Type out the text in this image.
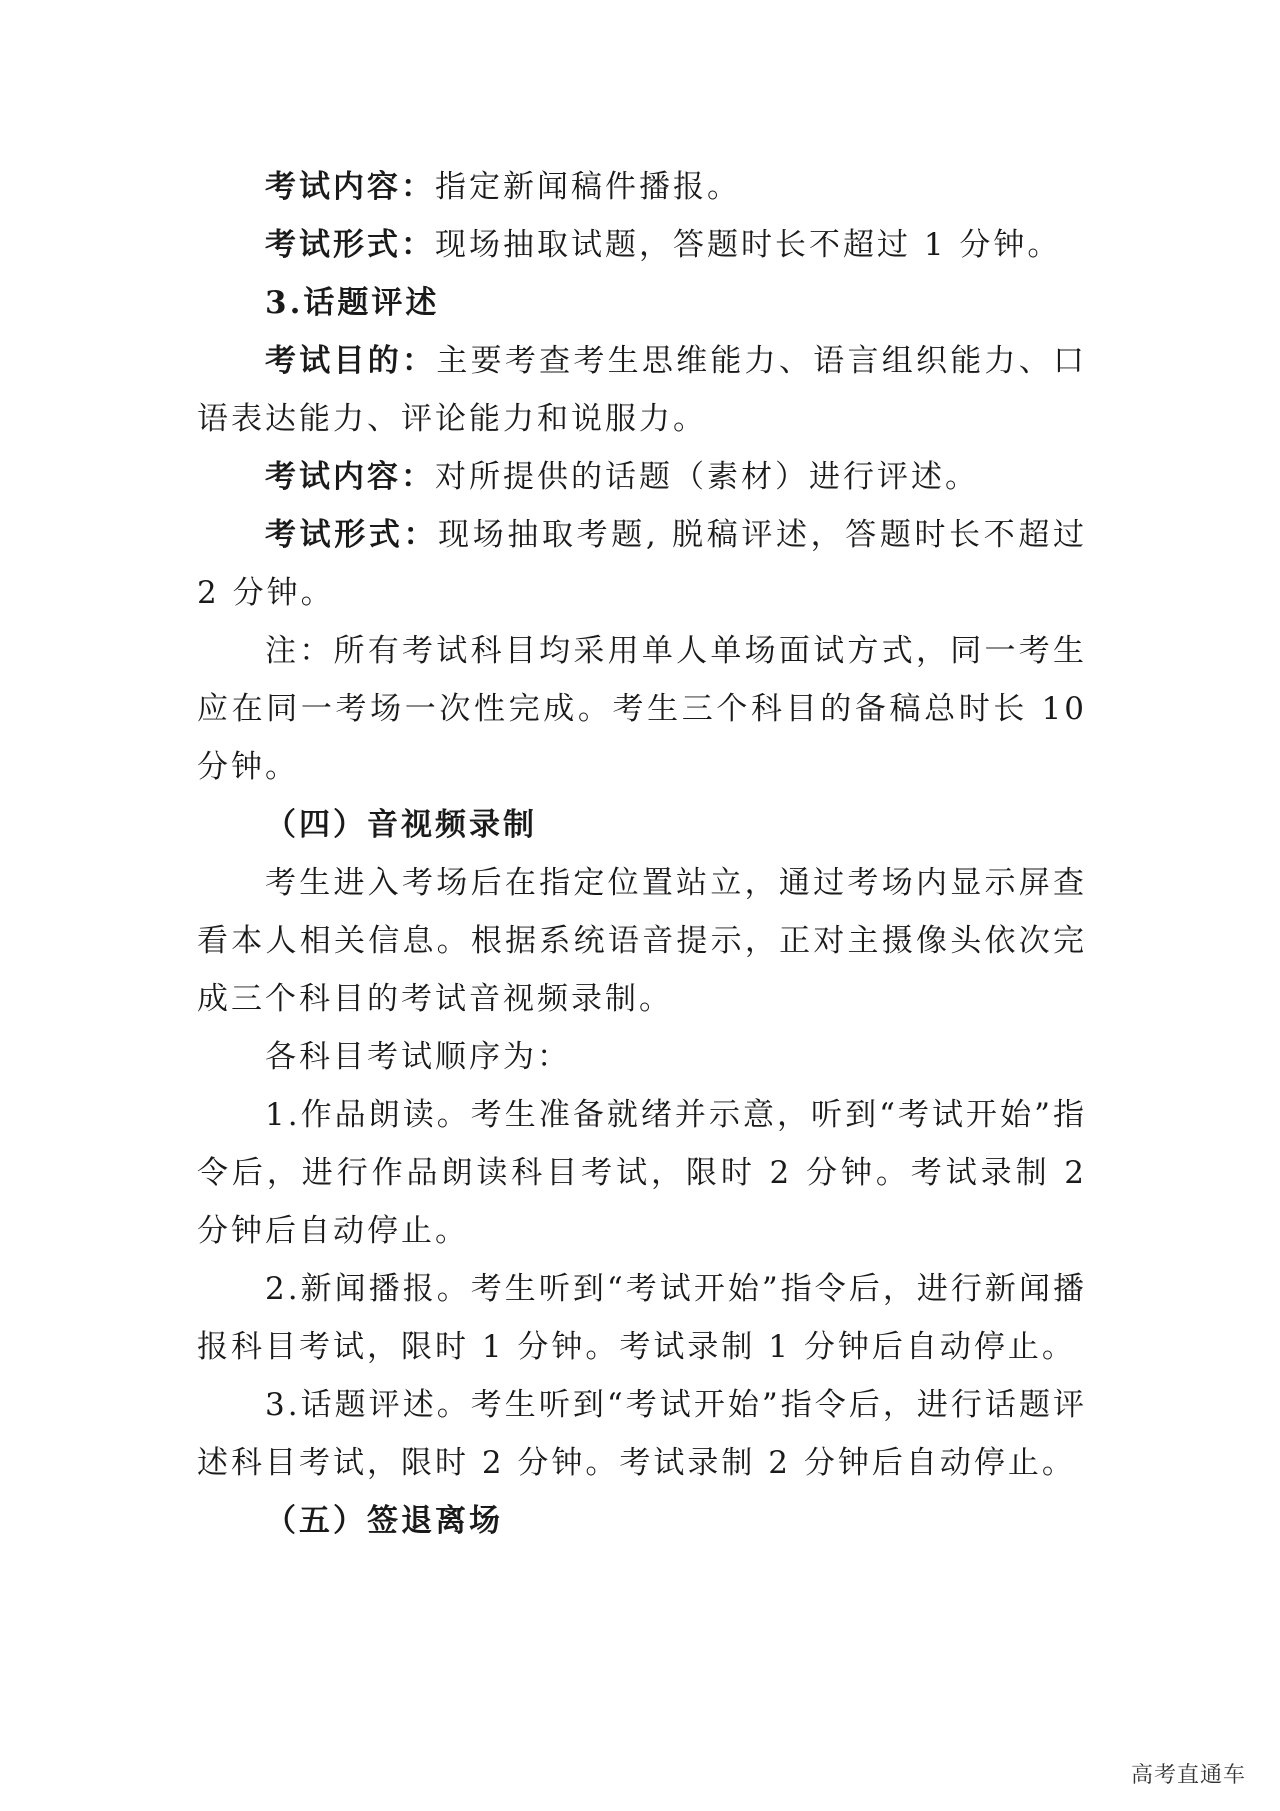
考试内容：指定新闻稿件播报。

考试形式：现场抽取试题，答题时长不超过 1 分钟。

3.话题评述

考试目的：主要考查考生思维能力、语言组织能力、口语表达能力、评论能力和说服力。

考试内容：对所提供的话题（素材）进行评述。

考试形式：现场抽取考题, 脱稿评述，答题时长不超过 2 分钟。

注：所有考试科目均采用单人单场面试方式，同一考生应在同一考场一次性完成。考生三个科目的备稿总时长 10 分钟。

（四）音视频录制

考生进入考场后在指定位置站立，通过考场内显示屏查看本人相关信息。根据系统语音提示，正对主摄像头依次完成三个科目的考试音视频录制。

各科目考试顺序为：

1.作品朗读。考生准备就绪并示意，听到“考试开始”指令后，进行作品朗读科目考试，限时 2 分钟。考试录制 2 分钟后自动停止。

2.新闻播报。考生听到“考试开始”指令后，进行新闻播报科目考试，限时 1 分钟。考试录制 1 分钟后自动停止。

3.话题评述。考生听到“考试开始”指令后，进行话题评述科目考试，限时 2 分钟。考试录制 2 分钟后自动停止。

（五）签退离场

高考直通车
